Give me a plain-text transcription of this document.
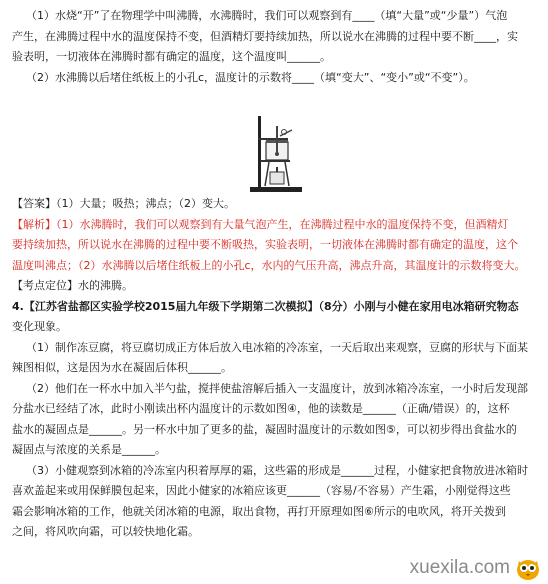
（1）水烧“开”了在物理学中叫沸腾，水沸腾时，我们可以观察到有____（填“大量”或“少量”）气泡
产生，在沸腾过程中水的温度保持不变，但酒精灯要持续加热，所以说水在沸腾的过程中要不断____，实
验表明，一切液体在沸腾时都有确定的温度，这个温度叫______。
（2）水沸腾以后堵住纸板上的小孔c，温度计的示数将____（填“变大”、“变小”或“不变”）。
【答案】（1）大量；吸热；沸点；（2）变大。
【解析】（1）水沸腾时，我们可以观察到有大量气泡产生，在沸腾过程中水的温度保持不变，但酒精灯
要持续加热，所以说水在沸腾的过程中要不断吸热，实验表明，一切液体在沸腾时都有确定的温度，这个
温度叫沸点；（2）水沸腾以后堵住纸板上的小孔c，水内的气压升高，沸点升高，其温度计的示数将变大。
【考点定位】水的沸腾。
4.【江苏省盐都区实验学校2015届九年级下学期第二次模拟】（8分）小刚与小健在家用电冰箱研究物态
变化现象。
（1）制作冻豆腐，将豆腐切成正方体后放入电冰箱的冷冻室，一天后取出来观察，豆腐的形状与下面某
辣图相似，这是因为水在凝固后体积______。
（2）他们在一杯水中加入半勺盐，搅拌使盐溶解后插入一支温度计，放到冰箱冷冻室，一小时后发现部
分盐水已经结了冰，此时小刚读出杯内温度计的示数如图④，他的读数是______（正确/错误）的，这杯
盐水的凝固点是______。另一杯水中加了更多的盐，凝固时温度计的示数如图⑤，可以初步得出食盐水的
凝固点与浓度的关系是______。
（3）小健观察到冰箱的冷冻室内积着厚厚的霜，这些霜的形成是______过程，小健家把食物放进冰箱时
喜欢盖起来或用保鲜膜包起来，因此小健家的冰箱应该更______（容易/不容易）产生霜，小刚觉得这些
霜会影响冰箱的工作，他就关闭冰箱的电源，取出食物，再打开原理如图⑥所示的电吹风，将开关拨到
之间，将风吹向霜，可以较快地化霜。
xuexila.com
